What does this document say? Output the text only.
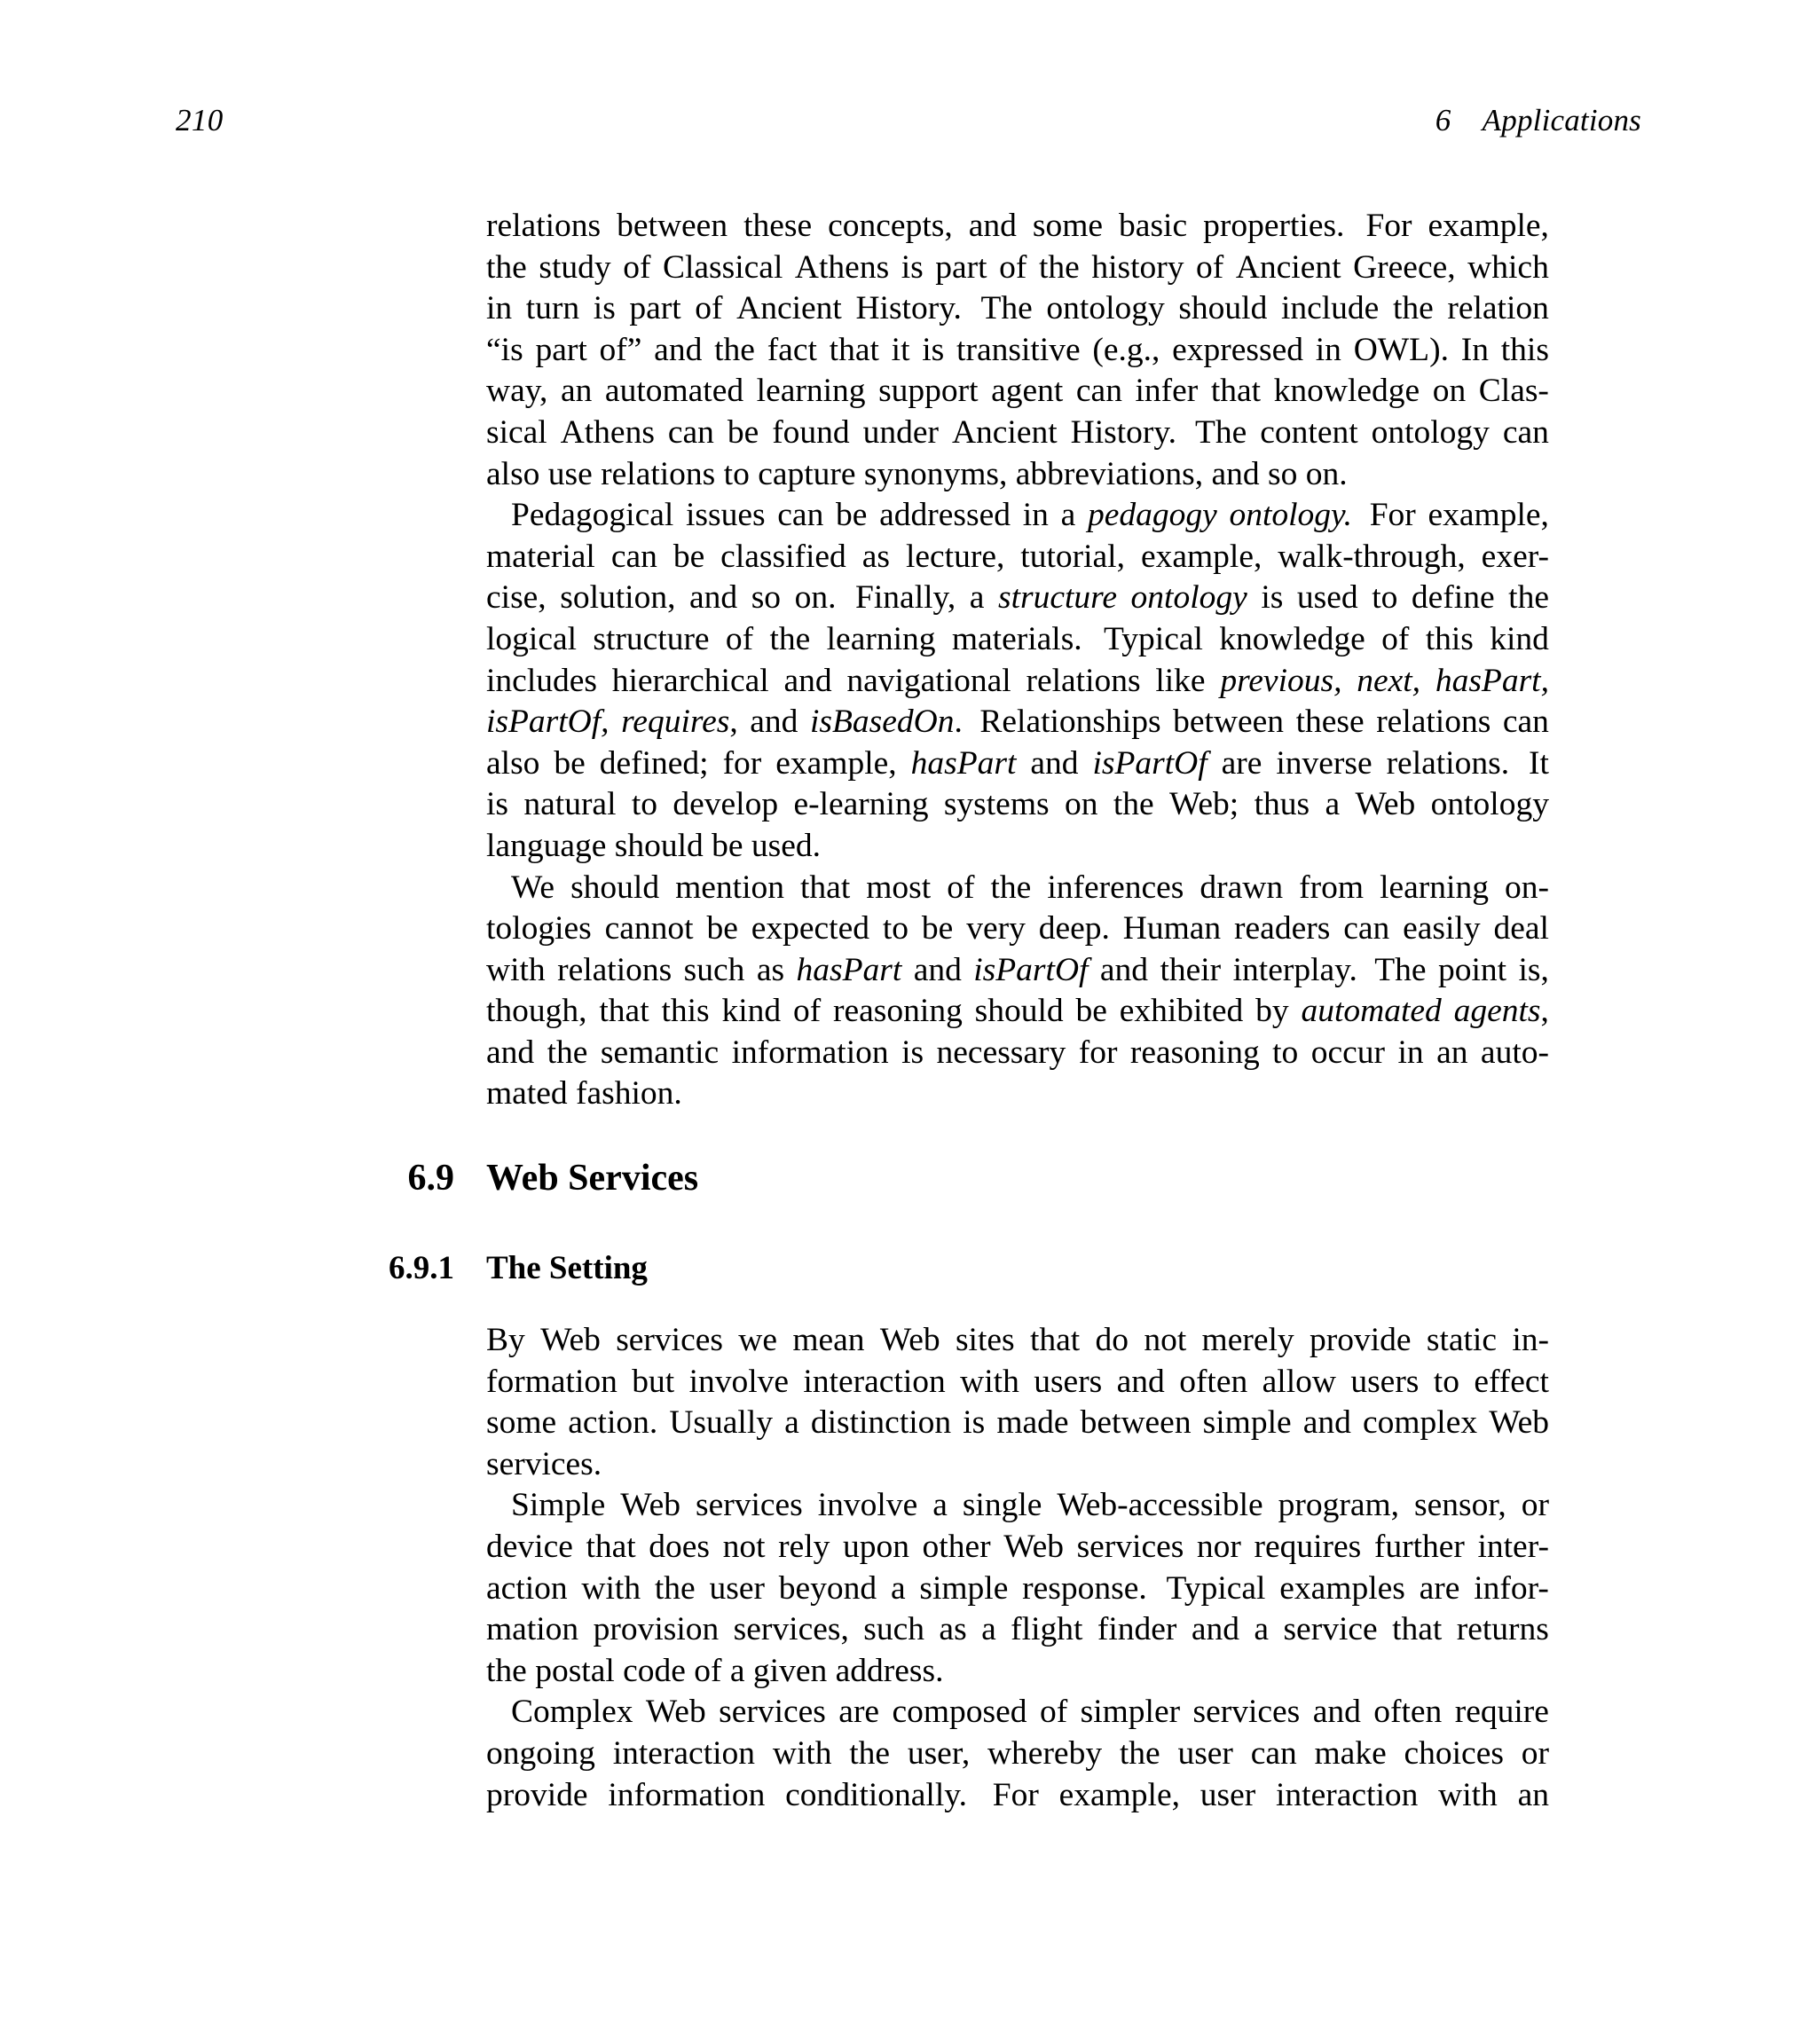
210	6    Applications
relations between these concepts, and some basic properties. For example,
the study of Classical Athens is part of the history of Ancient Greece, which
in turn is part of Ancient History. The ontology should include the relation
“is part of” and the fact that it is transitive (e.g., expressed in OWL). In this
way, an automated learning support agent can infer that knowledge on Clas-
sical Athens can be found under Ancient History. The content ontology can
also use relations to capture synonyms, abbreviations, and so on.
Pedagogical issues can be addressed in a pedagogy ontology. For example,
material can be classified as lecture, tutorial, example, walk-through, exer-
cise, solution, and so on. Finally, a structure ontology is used to define the
logical structure of the learning materials. Typical knowledge of this kind
includes hierarchical and navigational relations like previous, next, hasPart,
isPartOf, requires, and isBasedOn. Relationships between these relations can
also be defined; for example, hasPart and isPartOf are inverse relations. It
is natural to develop e-learning systems on the Web; thus a Web ontology
language should be used.
We should mention that most of the inferences drawn from learning on-
tologies cannot be expected to be very deep. Human readers can easily deal
with relations such as hasPart and isPartOf and their interplay. The point is,
though, that this kind of reasoning should be exhibited by automated agents,
and the semantic information is necessary for reasoning to occur in an auto-
mated fashion.
6.9 Web Services
6.9.1 The Setting
By Web services we mean Web sites that do not merely provide static in-
formation but involve interaction with users and often allow users to effect
some action. Usually a distinction is made between simple and complex Web
services.
Simple Web services involve a single Web-accessible program, sensor, or
device that does not rely upon other Web services nor requires further inter-
action with the user beyond a simple response. Typical examples are infor-
mation provision services, such as a flight finder and a service that returns
the postal code of a given address.
Complex Web services are composed of simpler services and often require
ongoing interaction with the user, whereby the user can make choices or
provide information conditionally. For example, user interaction with an
